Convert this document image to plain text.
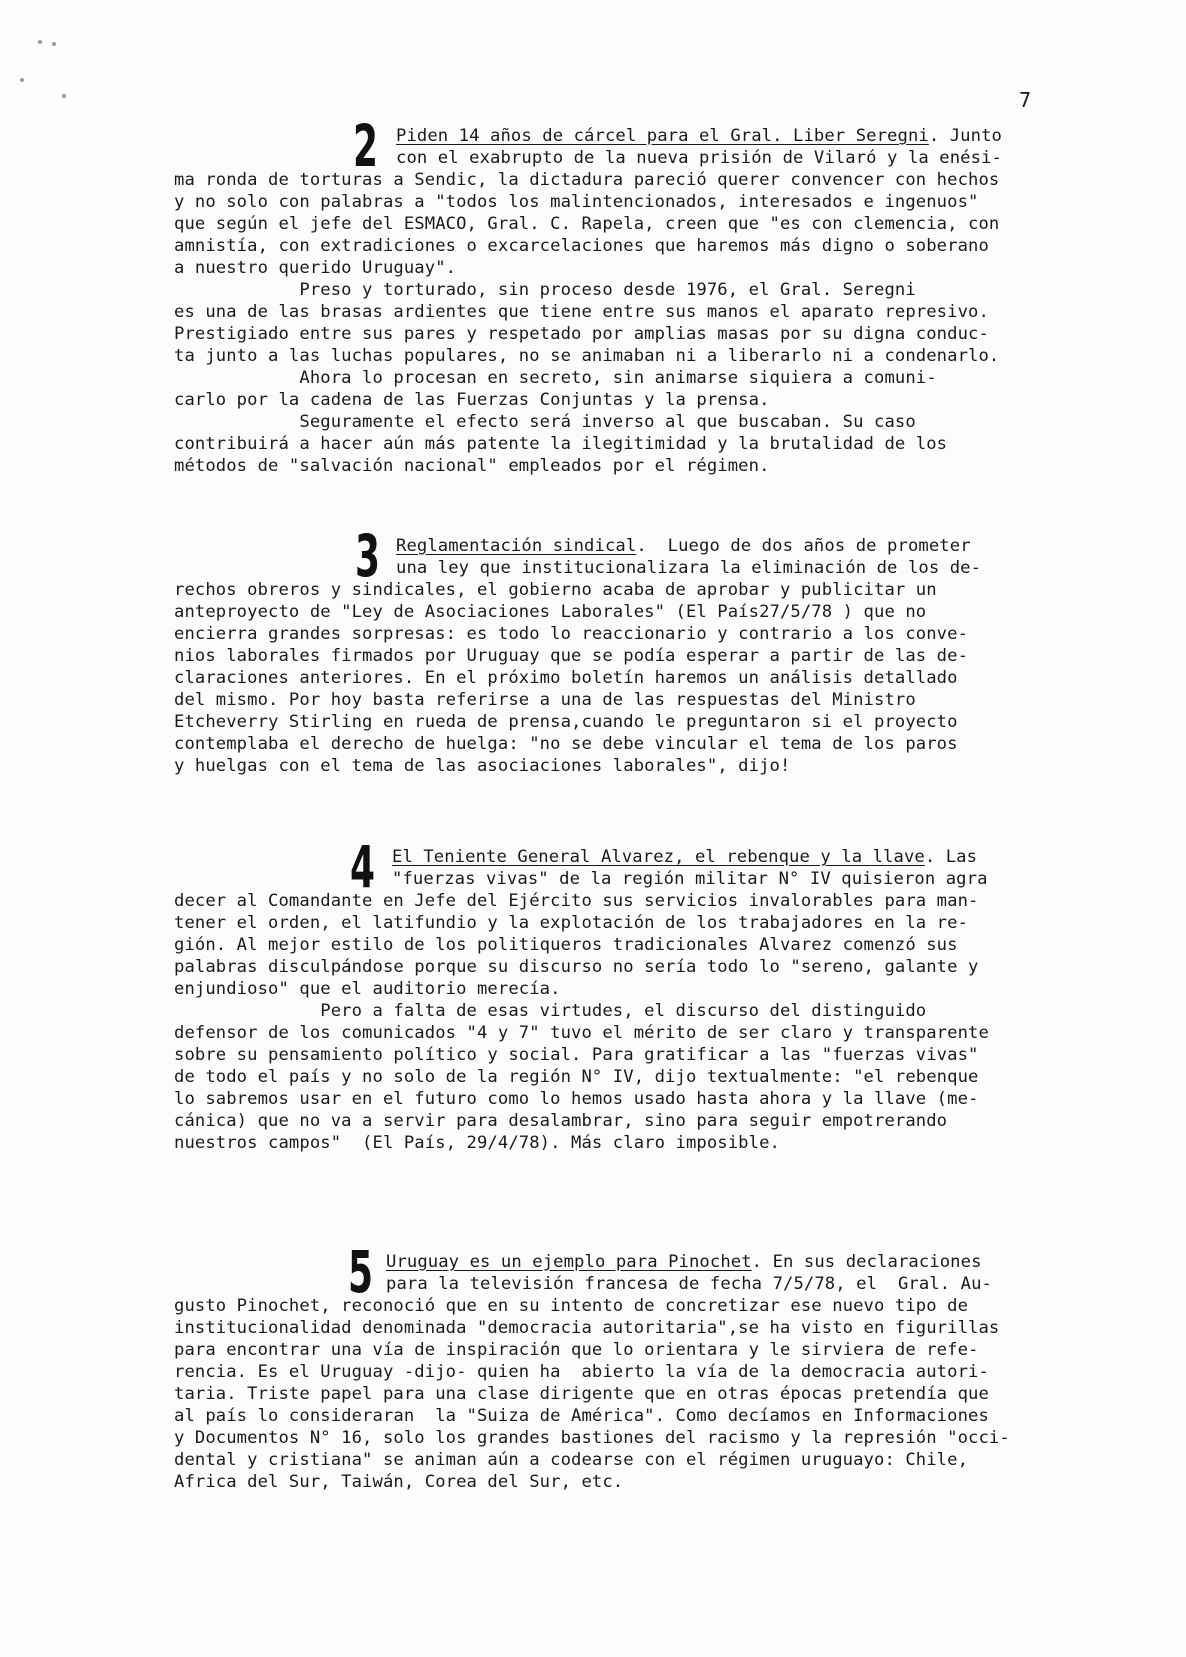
7
2 Piden 14 años de cárcel para el Gral. Liber Seregni. Junto
con el exabrupto de la nueva prisión de Vilaró y la enési-
ma ronda de torturas a Sendic, la dictadura pareció querer convencer con hechos
y no solo con palabras a "todos los malintencionados, interesados e ingenuos"
que según el jefe del ESMACO, Gral. C. Rapela, creen que "es con clemencia, con
amnistía, con extradiciones o excarcelaciones que haremos más digno o soberano
a nuestro querido Uruguay".
Preso y torturado, sin proceso desde 1976, el Gral. Seregni
es una de las brasas ardientes que tiene entre sus manos el aparato represivo.
Prestigiado entre sus pares y respetado por amplias masas por su digna conduc-
ta junto a las luchas populares, no se animaban ni a liberarlo ni a condenarlo.
Ahora lo procesan en secreto, sin animarse siquiera a comuni-
carlo por la cadena de las Fuerzas Conjuntas y la prensa.
Seguramente el efecto será inverso al que buscaban. Su caso
contribuirá a hacer aún más patente la ilegitimidad y la brutalidad de los
métodos de "salvación nacional" empleados por el régimen.
3 Reglamentación sindical.  Luego de dos años de prometer
una ley que institucionalizara la eliminación de los de-
rechos obreros y sindicales, el gobierno acaba de aprobar y publicitar un
anteproyecto de "Ley de Asociaciones Laborales" (El País27/5/78 ) que no
encierra grandes sorpresas: es todo lo reaccionario y contrario a los conve-
nios laborales firmados por Uruguay que se podía esperar a partir de las de-
claraciones anteriores. En el próximo boletín haremos un análisis detallado
del mismo. Por hoy basta referirse a una de las respuestas del Ministro
Etcheverry Stirling en rueda de prensa,cuando le preguntaron si el proyecto
contemplaba el derecho de huelga: "no se debe vincular el tema de los paros
y huelgas con el tema de las asociaciones laborales", dijo!
4 El Teniente General Alvarez, el rebenque y la llave. Las
"fuerzas vivas" de la región militar N° IV quisieron agra
decer al Comandante en Jefe del Ejército sus servicios invalorables para man-
tener el orden, el latifundio y la explotación de los trabajadores en la re-
gión. Al mejor estilo de los politiqueros tradicionales Alvarez comenzó sus
palabras disculpándose porque su discurso no sería todo lo "sereno, galante y
enjundioso" que el auditorio merecía.
Pero a falta de esas virtudes, el discurso del distinguido
defensor de los comunicados "4 y 7" tuvo el mérito de ser claro y transparente
sobre su pensamiento político y social. Para gratificar a las "fuerzas vivas"
de todo el país y no solo de la región N° IV, dijo textualmente: "el rebenque
lo sabremos usar en el futuro como lo hemos usado hasta ahora y la llave (me-
cánica) que no va a servir para desalambrar, sino para seguir empotrerando
nuestros campos"  (El País, 29/4/78). Más claro imposible.
5 Uruguay es un ejemplo para Pinochet. En sus declaraciones
para la televisión francesa de fecha 7/5/78, el  Gral. Au-
gusto Pinochet, reconoció que en su intento de concretizar ese nuevo tipo de
institucionalidad denominada "democracia autoritaria",se ha visto en figurillas
para encontrar una vía de inspiración que lo orientara y le sirviera de refe-
rencia. Es el Uruguay -dijo- quien ha  abierto la vía de la democracia autori-
taria. Triste papel para una clase dirigente que en otras épocas pretendía que
al país lo consideraran  la "Suiza de América". Como decíamos en Informaciones
y Documentos N° 16, solo los grandes bastiones del racismo y la represión "occi-
dental y cristiana" se animan aún a codearse con el régimen uruguayo: Chile,
Africa del Sur, Taiwán, Corea del Sur, etc.
